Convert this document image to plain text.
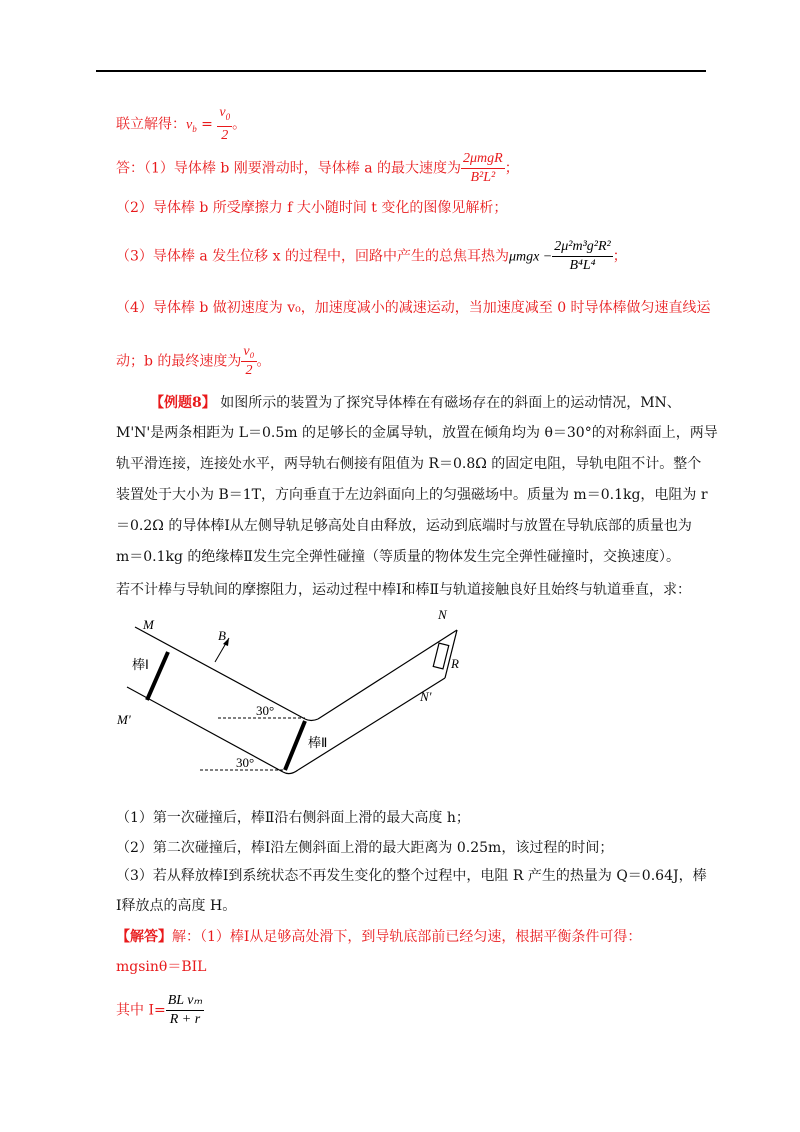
联立解得：$v_b = \frac{v_0}{2}$ 。
答：（1）导体棒 b 刚要滑动时，导体棒 a 的最大速度为 $\frac{\text{2μmgR}}{\text{B²L²}}$ ；
（2）导体棒 b 所受摩擦力 f 大小随时间 t 变化的图像见解析；
（3）导体棒 a 发生位移 x 的过程中，回路中产生的总焦耳热为$\mu mgx - \frac{\text{2μ²m³g²R²}}{\text{B⁴L⁴}}$ ；
（4）导体棒 b 做初速度为 v₀，加速度减小的减速运动，当加速度减至 0 时导体棒做匀速直线运
动；b 的最终速度为 $\frac{\text{v₀}}{2}$ 。
【例题8】 如图所示的装置为了探究导体棒在有磁场存在的斜面上的运动情况，MN、
M'N'是两条相距为 L＝0.5m 的足够长的金属导轨，放置在倾角均为 θ＝30°的对称斜面上，两导
轨平滑连接，连接处水平，两导轨右侧接有阻值为 R＝0.8Ω 的固定电阻，导轨电阻不计。整个
装置处于大小为 B＝1T，方向垂直于左边斜面向上的匀强磁场中。质量为 m＝0.1kg，电阻为 r
＝0.2Ω 的导体棒Ⅰ从左侧导轨足够高处自由释放，运动到底端时与放置在导轨底部的质量也为
m＝0.1kg 的绝缘棒Ⅱ发生完全弹性碰撞（等质量的物体发生完全弹性碰撞时，交换速度）。
若不计棒与导轨间的摩擦阻力，运动过程中棒Ⅰ和棒Ⅱ与轨道接触良好且始终与轨道垂直，求：
M
M'
N
N'
B
R
棒Ⅰ
棒Ⅱ
30°
30°
（1）第一次碰撞后，棒Ⅱ沿右侧斜面上滑的最大高度 h；
（2）第二次碰撞后，棒Ⅰ沿左侧斜面上滑的最大距离为 0.25m，该过程的时间；
（3）若从释放棒Ⅰ到系统状态不再发生变化的整个过程中，电阻 R 产生的热量为 Q＝0.64J，棒
Ⅰ释放点的高度 H。
【解答】解：（1）棒Ⅰ从足够高处滑下，到导轨底部前已经匀速，根据平衡条件可得：
mgsinθ＝BIL
其中 $I= \frac{\text{BL vₘ}}{R + r}$
